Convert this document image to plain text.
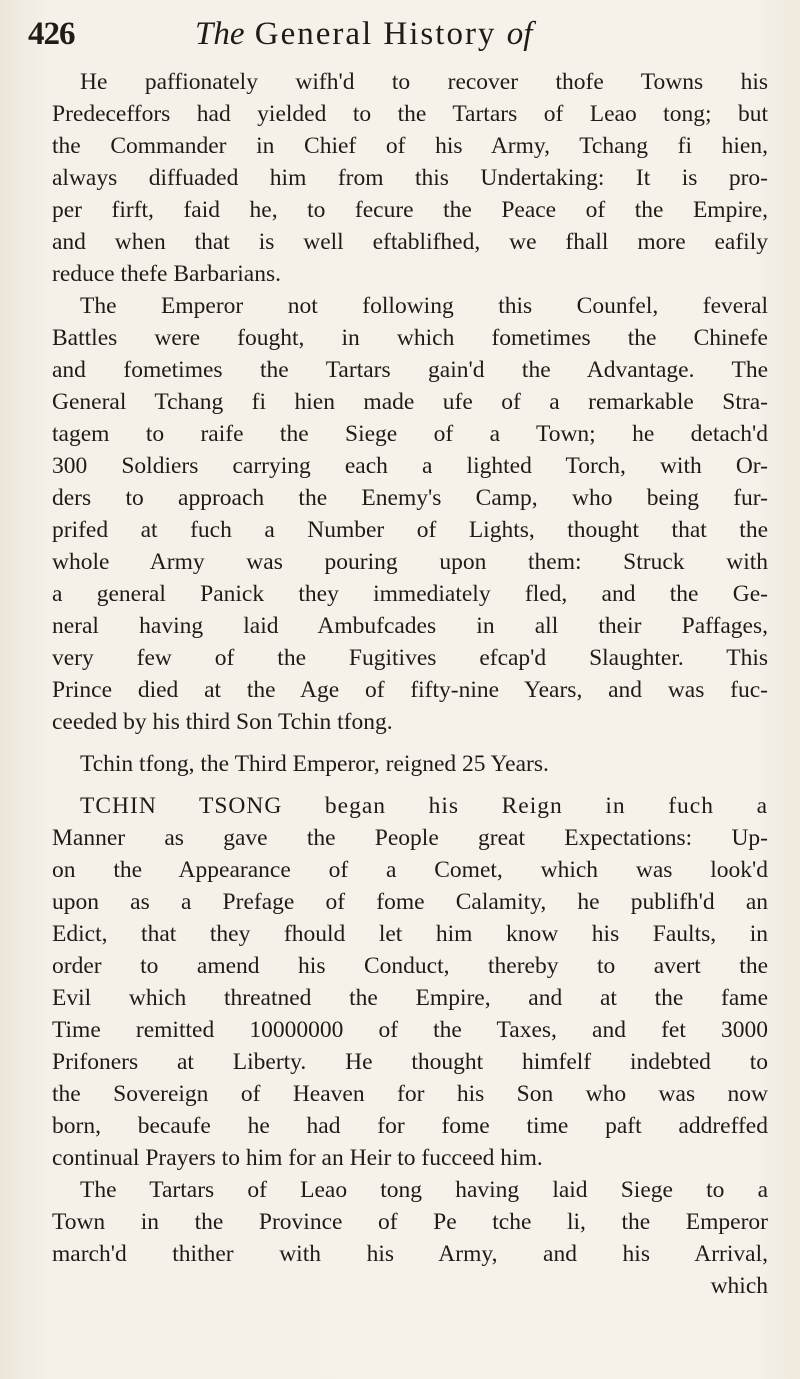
426	The General History of
He paffionately wifh'd to recover thofe Towns his
Predeceffors had yielded to the Tartars of Leao tong; but
the Commander in Chief of his Army, Tchang fi hien,
always diffuaded him from this Undertaking: It is pro-
per firft, faid he, to fecure the Peace of the Empire,
and when that is well eftablifhed, we fhall more eafily
reduce thefe Barbarians.
The Emperor not following this Counfel, feveral
Battles were fought, in which fometimes the Chinefe
and fometimes the Tartars gain'd the Advantage. The
General Tchang fi hien made ufe of a remarkable Stra-
tagem to raife the Siege of a Town; he detach'd
300 Soldiers carrying each a lighted Torch, with Or-
ders to approach the Enemy's Camp, who being fur-
prifed at fuch a Number of Lights, thought that the
whole Army was pouring upon them: Struck with
a general Panick they immediately fled, and the Ge-
neral having laid Ambufcades in all their Paffages,
very few of the Fugitives efcap'd Slaughter. This
Prince died at the Age of fifty-nine Years, and was fuc-
ceeded by his third Son Tchin tfong.
Tchin tfong, the Third Emperor, reigned 25 Years.
TCHIN TSONG began his Reign in fuch a
Manner as gave the People great Expectations: Up-
on the Appearance of a Comet, which was look'd
upon as a Prefage of fome Calamity, he publifh'd an
Edict, that they fhould let him know his Faults, in
order to amend his Conduct, thereby to avert the
Evil which threatned the Empire, and at the fame
Time remitted 10000000 of the Taxes, and fet 3000
Prifoners at Liberty. He thought himfelf indebted to
the Sovereign of Heaven for his Son who was now
born, becaufe he had for fome time paft addreffed
continual Prayers to him for an Heir to fucceed him.
The Tartars of Leao tong having laid Siege to a
Town in the Province of Pe tche li, the Emperor
march'd thither with his Army, and his Arrival,
which
